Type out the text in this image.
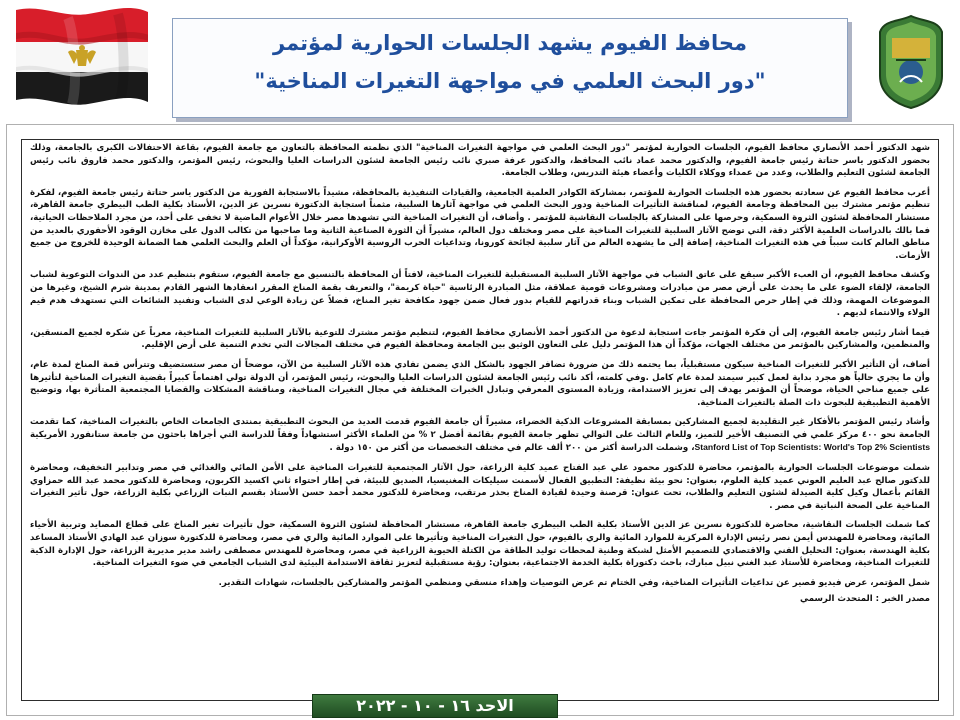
محافظ الفيوم يشهد الجلسات الحوارية لمؤتمر
"دور البحث العلمي في مواجهة التغيرات المناخية"

شهد الدكتور أحمد الأنصاري محافظ الفيوم، الجلسات الحوارية لمؤتمر "دور البحث العلمي في مواجهة التغيرات المناخية" الذي نظمته المحافظة بالتعاون مع جامعة الفيوم، بقاعة الاحتفالات الكبرى بالجامعة، وذلك بحضور الدكتور ياسر حتاتة رئيس جامعة الفيوم، والدكتور محمد عماد نائب المحافظ، والدكتور عرفة صبري نائب رئيس الجامعة لشئون الدراسات العليا والبحوث، رئيس المؤتمر، والدكتور محمد فاروق نائب رئيس الجامعة لشئون التعليم والطلاب، وعدد من عمداء ووكلاء الكليات وأعضاء هيئة التدريس، وطلاب الجامعة.

أعرب محافظ الفيوم عن سعادته بحضور هذه الجلسات الحوارية للمؤتمر، بمشاركة الكوادر العلمية الجامعية، والقيادات التنفيذية بالمحافظة، مشيداً بالاستجابة الفورية من الدكتور ياسر حتاتة رئيس جامعة الفيوم، لفكرة تنظيم مؤتمر مشترك بين المحافظة وجامعة الفيوم، لمناقشة التأثيرات المناخية ودور البحث العلمي في مواجهة آثارها السلبية، مثمناً استجابة الدكتورة نسرين عز الدين، الأستاذ بكلية الطب البيطري جامعة القاهرة، مستشار المحافظة لشئون الثروة السمكية، وحرصها على المشاركة بالجلسات النقاشية للمؤتمر . وأضاف، أن التغيرات المناخية التي تشهدها مصر خلال الأعوام الماضية لا تخفى على أحد، من مجرد الملاحظات الحياتية، فما بالك بالدراسات العلمية الأكثر دقة، التي توضح الآثار السلبية للتغيرات المناخية على مصر ومختلف دول العالم، مشيراً أن الثورة الصناعية الثانية وما صاحبها من تكالب الدول على مخازن الوقود الأحفوري بالعديد من مناطق العالم كانت سبباً في هذه التغيرات المناخية، إضافة إلى ما يشهده العالم من آثار سلبية لجائحة كورونا، وتداعيات الحرب الروسية الأوكرانية، مؤكداً أن العلم والبحث العلمي هما الضمانة الوحيدة للخروج من جميع الأزمات.

وكشف محافظ الفيوم، أن العبء الأكبر سيقع على عاتق الشباب في مواجهة الآثار السلبية المستقبلية للتغيرات المناخية، لافتاً أن المحافظة بالتنسيق مع جامعة الفيوم، ستقوم بتنظيم عدد من الندوات التوعوية لشباب الجامعة، لإلقاء الضوء على ما يحدث على أرض مصر من مبادرات ومشروعات قومية عملاقة، مثل المبادرة الرئاسية "حياة كريمة"، والتعريف بقمة المناخ المقرر انعقادها الشهر القادم بمدينة شرم الشيخ، وغيرها من الموضوعات المهمة، وذلك في إطار حرص المحافظة على تمكين الشباب وبناء قدراتهم للقيام بدور فعال ضمن جهود مكافحة تغير المناخ، فضلاً عن زيادة الوعي لدى الشباب وتفنيد الشائعات التي تستهدف هدم قيم الولاء والانتماء لديهم .

فيما أشار رئيس جامعة الفيوم، إلى أن فكرة المؤتمر جاءت استجابة لدعوة من الدكتور أحمد الأنصاري محافظ الفيوم، لتنظيم مؤتمر مشترك للتوعية بالآثار السلبية للتغيرات المناخية، معرباً عن شكره لجميع المنسقين، والمنظمين، والمشاركين بالمؤتمر من مختلف الجهات، مؤكداً أن هذا المؤتمر دليل على التعاون الوثيق بين الجامعة ومحافظة الفيوم في مختلف المجالات التي تخدم التنمية على أرض الإقليم.

أضاف، أن التأثير الأكبر للتغيرات المناخية سيكون مستقبلياً، بما يحتمه ذلك من ضرورة تضافر الجهود بالشكل الذي يضمن تفادي هذه الآثار السلبية من الآن، موضحاً أن مصر ستستضيف وتترأس قمة المناخ لمدة عام، وأن ما يجري حالياً هو مجرد بداية لعمل كبير سيمتد لمدة عام كامل .وفي كلمته، أكد نائب رئيس الجامعة لشئون الدراسات العليا والبحوث، رئيس المؤتمر، أن الدولة تولي اهتماماً كبيراً بقضية التغيرات المناخية لتأثيرها على جميع مناحي الحياة، موضحاً أن المؤتمر يهدف إلى تعزيز الاستدامة، وزيادة المستوى المعرفي وتبادل الخبرات المختلفة في مجال التغيرات المناخية، ومناقشة المشكلات والقضايا المجتمعية المتأثرة بها، وتوضيح الأهمية التطبيقية للبحوث ذات الصلة بالتغيرات المناخية.

وأشاد رئيس المؤتمر بالأفكار غير التقليدية لجميع المشاركين بمسابقة المشروعات الذكية الخضراء، مشيراً أن جامعة الفيوم قدمت العديد من البحوث التطبيقية بمنتدى الجامعات الخاص بالتغيرات المناخية، كما تقدمت الجامعة نحو ٤٠٠ مركز علمي في التصنيف الأخير للتميز، وللعام الثالث على التوالي تظهر جامعة الفيوم بقائمة أفضل ٢ % من العلماء الأكثر استشهاداً وفقاً للدراسة التي أجراها باحثون من جامعة ستانفورد الأمريكية Stanford List of Top Scientists: World's Top 2% Scientists، وشملت الدراسة أكثر من ٢٠٠ ألف عالم في مختلف التخصصات من أكثر من ١٥٠ دولة .

شملت موضوعات الجلسات الحوارية بالمؤتمر، محاضرة للدكتور محمود علي عبد الفتاح عميد كلية الزراعة، حول الآثار المجتمعية للتغيرات المناخية على الأمن المائي والغذائي في مصر وتدابير التخفيف، ومحاضرة للدكتور صالح عبد العليم العوني عميد كلية العلوم، بعنوان: نحو بيئة نظيفة: التطبيق الفعال لأسمنت سيليكات المغنيسيا، الصديق للبيئة، في إطار احتواء ثاني اكسيد الكربون، ومحاضرة للدكتور محمد عبد الله حمزاوي القائم بأعمال وكيل كلية الصيدلة لشئون التعليم والطلاب، تحت عنوان: قرصنة وحيدة لقيادة المناخ بحذر مرتقب، ومحاضرة للدكتور محمد أحمد حسن الأستاذ بقسم النبات الزراعي بكلية الزراعة، حول تأثير التغيرات المناخية على الصحة النباتية في مصر .

كما شملت الجلسات النقاشية، محاضرة للدكتورة نسرين عز الدين الأستاذ بكلية الطب البيطري جامعة القاهرة، مستشار المحافظة لشئون الثروة السمكية، حول تأثيرات تغير المناخ على قطاع المصايد وتربية الأحياء المائية، ومحاضرة للمهندس أيمن نصر رئيس الإدارة المركزية للموارد المائية والري بالفيوم، حول التغيرات المناخية وتأثيرها على الموارد المائية والري في مصر، ومحاضرة للدكتورة سوزان عبد الهادي الأستاذ المساعد بكلية الهندسة، بعنوان: التحليل الفني والاقتصادي للتصميم الأمثل لشبكة وطنية لمحطات توليد الطاقة من الكتلة الحيوية الزراعية في مصر، ومحاضرة للمهندس مصطفى راشد مدير مديرية الزراعة، حول الإدارة الذكية للتغيرات المناخية، ومحاضرة للأستاذ عبد الغني نبيل مبارك، باحث دكتوراة بكلية الخدمة الاجتماعية، بعنوان: رؤية مستقبلية لتعزيز ثقافة الاستدامة البيئية لدى الشباب الجامعي في ضوء التغيرات المناخية.

شمل المؤتمر، عرض فيديو قصير عن تداعيات التأثيرات المناخية، وفي الختام تم عرض التوصيات وإهداء منسقي ومنظمي المؤتمر والمشاركين بالجلسات، شهادات التقدير.

مصدر الخبر : المتحدث الرسمي

الاحد ١٦ - ١٠ - ٢٠٢٢
